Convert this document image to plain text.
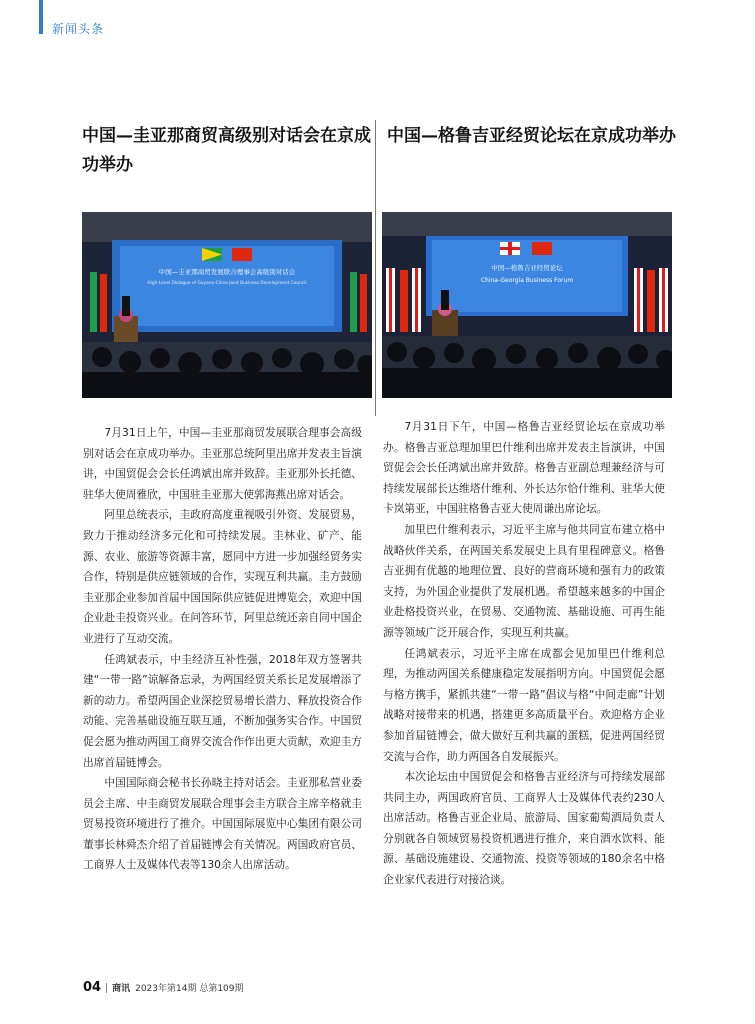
新闻头条
中国—圭亚那商贸高级别对话会在京成功举办
中国—圭亚那商贸发展联合理事会高级别对话会
High-Level Dialogue of Guyana-China Joint Business Development Council

7月31日上午，中国—圭亚那商贸发展联合理事会高级别对话会在京成功举办。圭亚那总统阿里出席并发表主旨演讲，中国贸促会会长任鸿斌出席并致辞。圭亚那外长托德、驻华大使周雅欣，中国驻圭亚那大使郭海燕出席对话会。

阿里总统表示，圭政府高度重视吸引外资、发展贸易，致力于推动经济多元化和可持续发展。圭林业、矿产、能源、农业、旅游等资源丰富，愿同中方进一步加强经贸务实合作，特别是供应链领域的合作，实现互利共赢。圭方鼓励圭亚那企业参加首届中国国际供应链促进博览会，欢迎中国企业赴圭投资兴业。在问答环节，阿里总统还亲自同中国企业进行了互动交流。

任鸿斌表示，中圭经济互补性强，2018年双方签署共建“一带一路”谅解备忘录，为两国经贸关系长足发展增添了新的动力。希望两国企业深挖贸易增长潜力、释放投资合作动能、完善基础设施互联互通，不断加强务实合作。中国贸促会愿为推动两国工商界交流合作作出更大贡献，欢迎圭方出席首届链博会。

中国国际商会秘书长孙晓主持对话会。圭亚那私营业委员会主席、中圭商贸发展联合理事会圭方联合主席辛格就圭贸易投资环境进行了推介。中国国际展览中心集团有限公司董事长林舜杰介绍了首届链博会有关情况。两国政府官员、工商界人士及媒体代表等130余人出席活动。

中国—格鲁吉亚经贸论坛在京成功举办
中国—格鲁吉亚经贸论坛
China-Georgia Business Forum

7月31日下午，中国—格鲁吉亚经贸论坛在京成功举办。格鲁吉亚总理加里巴什维利出席并发表主旨演讲，中国贸促会会长任鸿斌出席并致辞。格鲁吉亚副总理兼经济与可持续发展部长达维塔什维利、外长达尔恰什维利、驻华大使卡岚第亚，中国驻格鲁吉亚大使周谦出席论坛。

加里巴什维利表示，习近平主席与他共同宣布建立格中战略伙伴关系，在两国关系发展史上具有里程碑意义。格鲁吉亚拥有优越的地理位置、良好的营商环境和强有力的政策支持，为外国企业提供了发展机遇。希望越来越多的中国企业赴格投资兴业，在贸易、交通物流、基础设施、可再生能源等领域广泛开展合作，实现互利共赢。

任鸿斌表示，习近平主席在成都会见加里巴什维利总理，为推动两国关系健康稳定发展指明方向。中国贸促会愿与格方携手，紧抓共建“一带一路”倡议与格“中间走廊”计划战略对接带来的机遇，搭建更多高质量平台。欢迎格方企业参加首届链博会，做大做好互利共赢的蛋糕，促进两国经贸交流与合作，助力两国各自发展振兴。

本次论坛由中国贸促会和格鲁吉亚经济与可持续发展部共同主办，两国政府官员、工商界人士及媒体代表约230人出席活动。格鲁吉亚企业局、旅游局、国家葡萄酒局负责人分别就各自领域贸易投资机遇进行推介，来自酒水饮料、能源、基础设施建设、交通物流、投资等领域的180余名中格企业家代表进行对接洽谈。

04 商讯 2023年第14期 总第109期
